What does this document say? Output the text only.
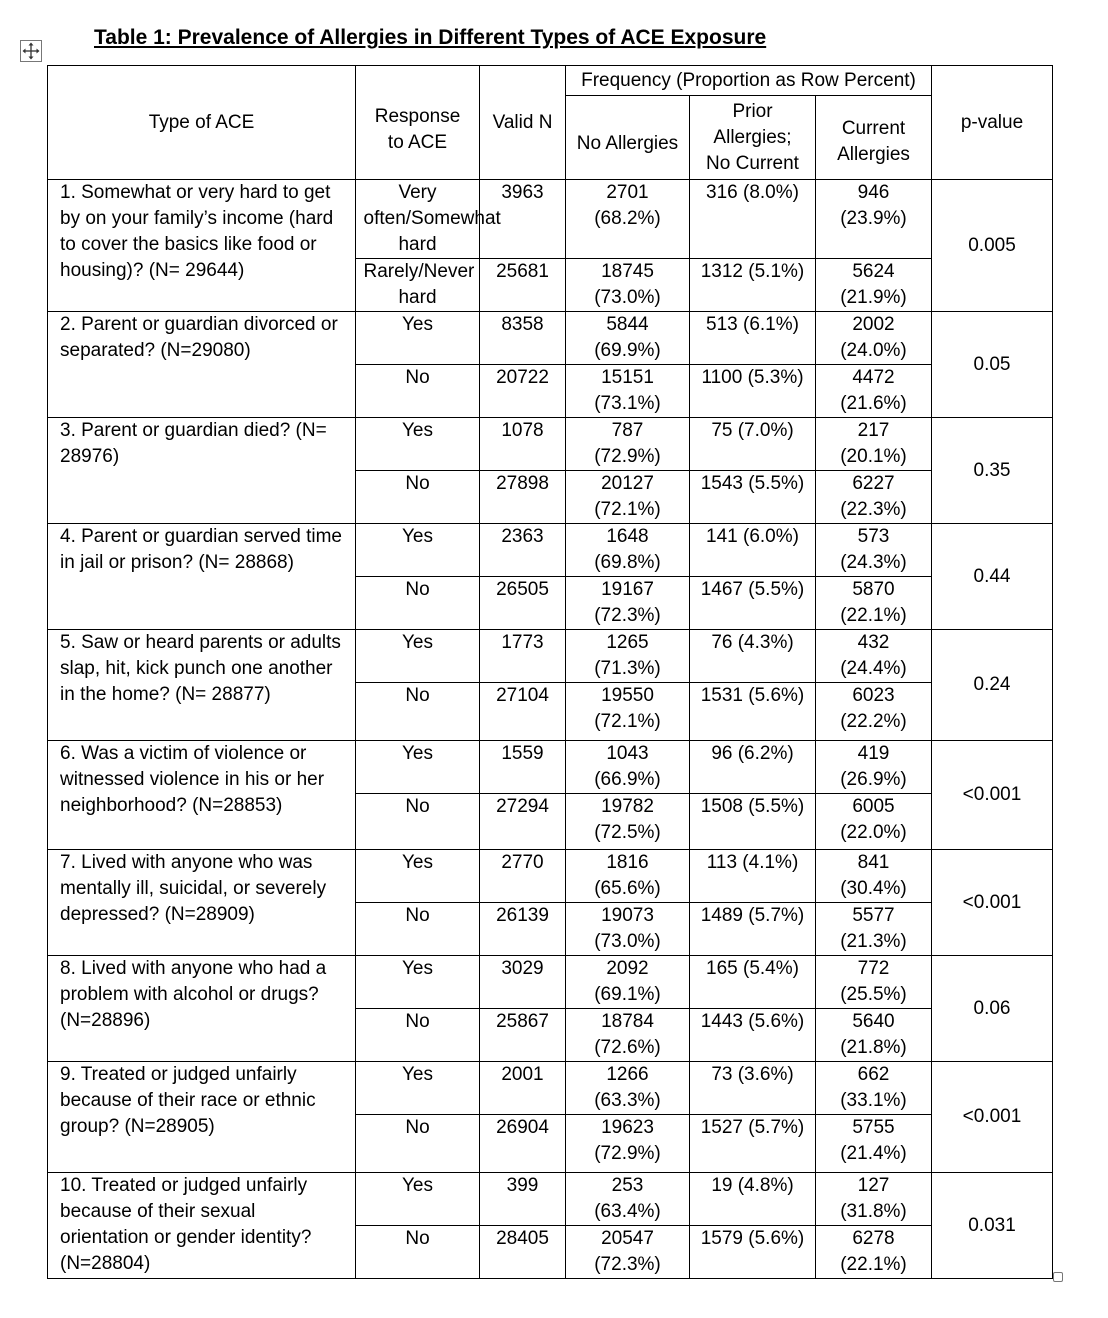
Table 1: Prevalence of Allergies in Different Types of ACE Exposure
Type of ACE	Response to ACE	Valid N	Frequency (Proportion as Row Percent)			p-value
			No Allergies	Prior Allergies; No Current	Current Allergies	
1. Somewhat or very hard to get by on your family’s income (hard to cover the basics like food or housing)? (N= 29644)	Very often/Somewhat hard	3963	2701 (68.2%)	316 (8.0%)	946 (23.9%)	0.005
	Rarely/Never hard	25681	18745 (73.0%)	1312 (5.1%)	5624 (21.9%)	
2. Parent or guardian divorced or separated? (N=29080)	Yes	8358	5844 (69.9%)	513 (6.1%)	2002 (24.0%)	0.05
	No	20722	15151 (73.1%)	1100 (5.3%)	4472 (21.6%)	
3. Parent or guardian died? (N= 28976)	Yes	1078	787 (72.9%)	75 (7.0%)	217 (20.1%)	0.35
	No	27898	20127 (72.1%)	1543 (5.5%)	6227 (22.3%)	
4. Parent or guardian served time in jail or prison? (N= 28868)	Yes	2363	1648 (69.8%)	141 (6.0%)	573 (24.3%)	0.44
	No	26505	19167 (72.3%)	1467 (5.5%)	5870 (22.1%)	
5. Saw or heard parents or adults slap, hit, kick punch one another in the home? (N= 28877)	Yes	1773	1265 (71.3%)	76 (4.3%)	432 (24.4%)	0.24
	No	27104	19550 (72.1%)	1531 (5.6%)	6023 (22.2%)	
6. Was a victim of violence or witnessed violence in his or her neighborhood? (N=28853)	Yes	1559	1043 (66.9%)	96 (6.2%)	419 (26.9%)	<0.001
	No	27294	19782 (72.5%)	1508 (5.5%)	6005 (22.0%)	
7. Lived with anyone who was mentally ill, suicidal, or severely depressed? (N=28909)	Yes	2770	1816 (65.6%)	113 (4.1%)	841 (30.4%)	<0.001
	No	26139	19073 (73.0%)	1489 (5.7%)	5577 (21.3%)	
8. Lived with anyone who had a problem with alcohol or drugs? (N=28896)	Yes	3029	2092 (69.1%)	165 (5.4%)	772 (25.5%)	0.06
	No	25867	18784 (72.6%)	1443 (5.6%)	5640 (21.8%)	
9. Treated or judged unfairly because of their race or ethnic group? (N=28905)	Yes	2001	1266 (63.3%)	73 (3.6%)	662 (33.1%)	<0.001
	No	26904	19623 (72.9%)	1527 (5.7%)	5755 (21.4%)	
10. Treated or judged unfairly because of their sexual orientation or gender identity? (N=28804)	Yes	399	253 (63.4%)	19 (4.8%)	127 (31.8%)	0.031
	No	28405	20547 (72.3%)	1579 (5.6%)	6278 (22.1%)	
